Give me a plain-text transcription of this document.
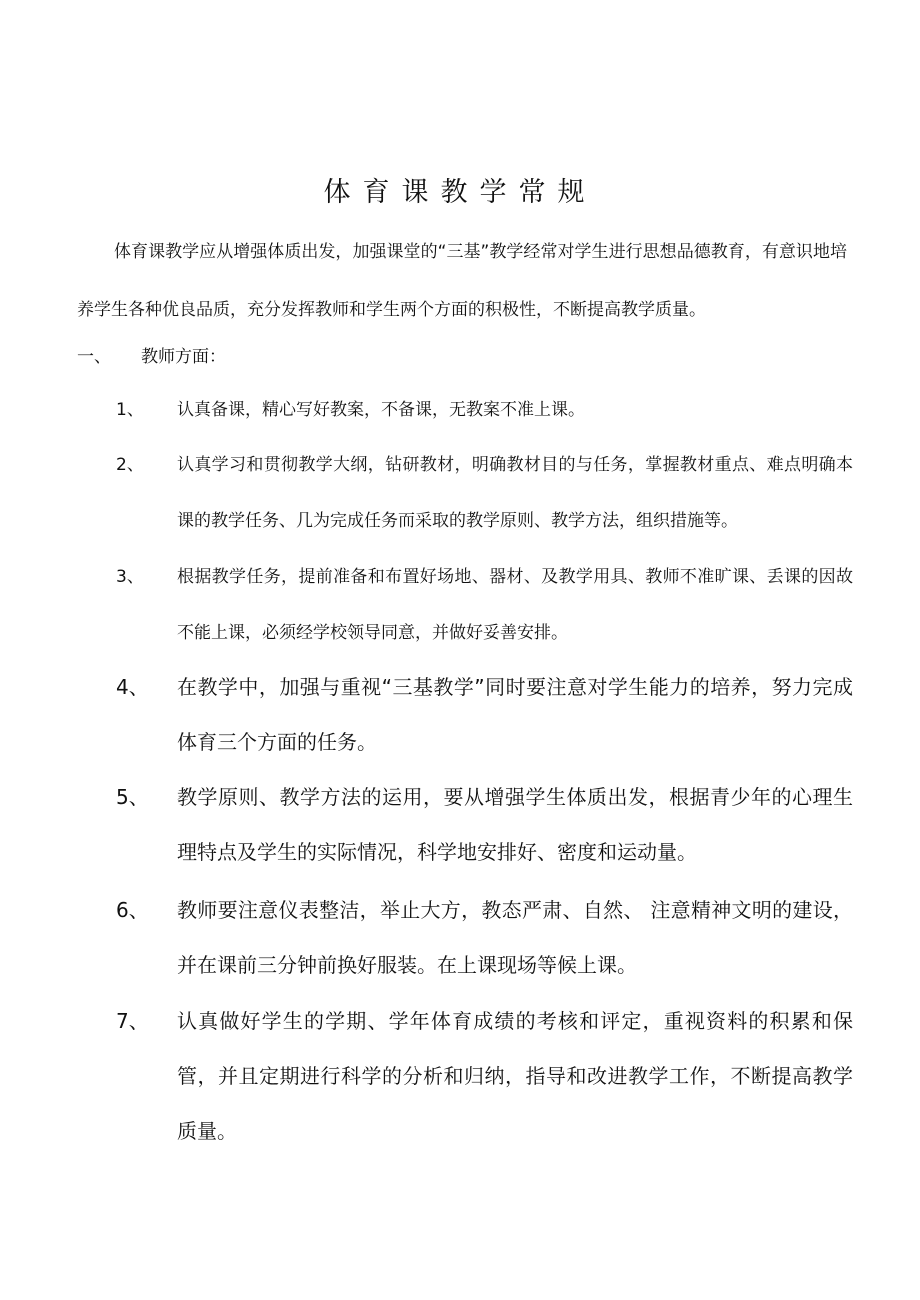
体育课教学常规
体育课教学应从增强体质出发，加强课堂的“三基”教学经常对学生进行思想品德教育，有意识地培养学生各种优良品质，充分发挥教师和学生两个方面的积极性，不断提高教学质量。
一、 教师方面：
1、	认真备课，精心写好教案，不备课，无教案不准上课。
2、	认真学习和贯彻教学大纲，钻研教材，明确教材目的与任务，掌握教材重点、难点明确本课的教学任务、几为完成任务而采取的教学原则、教学方法，组织措施等。
3、	根据教学任务，提前准备和布置好场地、器材、及教学用具、教师不准旷课、丢课的因故不能上课，必须经学校领导同意，并做好妥善安排。
4、	在教学中，加强与重视“三基教学”同时要注意对学生能力的培养，努力完成体育三个方面的任务。
5、	教学原则、教学方法的运用，要从增强学生体质出发，根据青少年的心理生理特点及学生的实际情况，科学地安排好、密度和运动量。
6、	教师要注意仪表整洁，举止大方，教态严肃、自然、 注意精神文明的建设，并在课前三分钟前换好服装。在上课现场等候上课。
7、	认真做好学生的学期、学年体育成绩的考核和评定，重视资料的积累和保管，并且定期进行科学的分析和归纳，指导和改进教学工作，不断提高教学质量。
